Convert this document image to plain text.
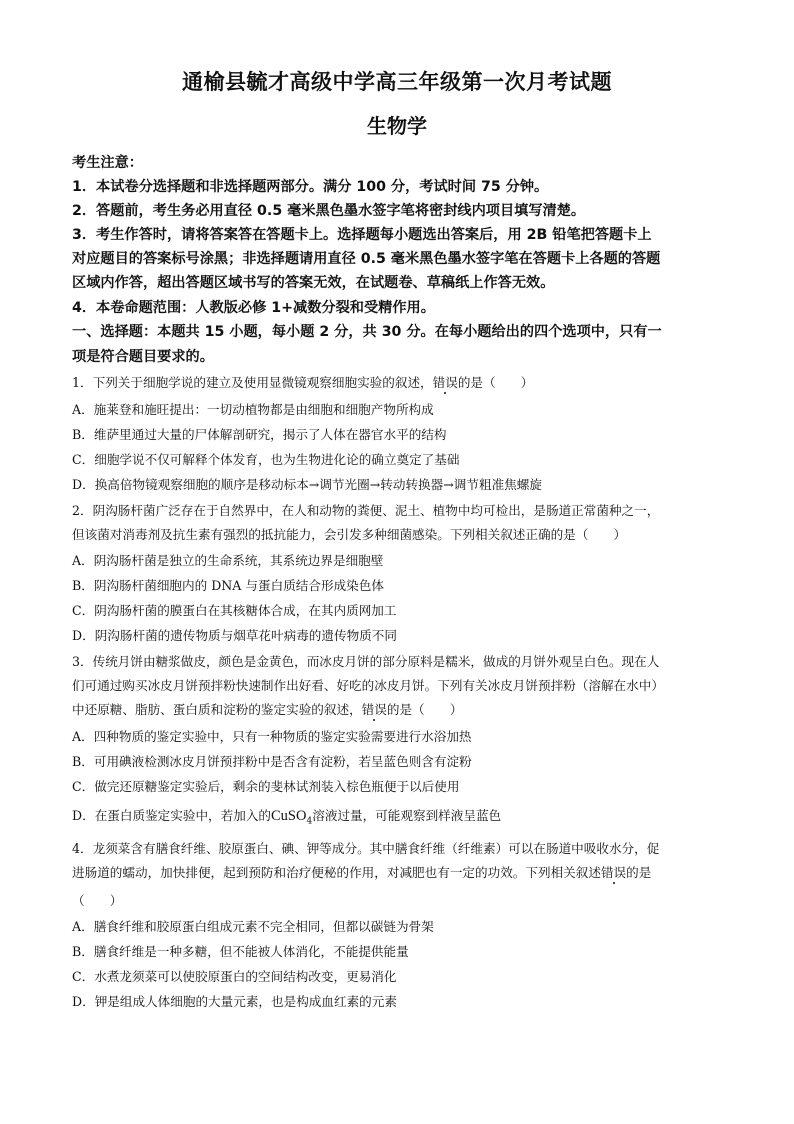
通榆县毓才高级中学高三年级第一次月考试题
生物学
考生注意：
1．本试卷分选择题和非选择题两部分。满分 100 分，考试时间 75 分钟。
2．答题前，考生务必用直径 0.5 毫米黑色墨水签字笔将密封线内项目填写清楚。
3．考生作答时，请将答案答在答题卡上。选择题每小题选出答案后，用 2B 铅笔把答题卡上
对应题目的答案标号涂黑；非选择题请用直径 0.5 毫米黑色墨水签字笔在答题卡上各题的答题
区域内作答，超出答题区域书写的答案无效，在试题卷、草稿纸上作答无效。
4．本卷命题范围：人教版必修 1+减数分裂和受精作用。
一、选择题：本题共 15 小题，每小题 2 分，共 30 分。在每小题给出的四个选项中，只有一
项是符合题目要求的。
1．下列关于细胞学说的建立及使用显微镜观察细胞实验的叙述，错误的是（　　）
A．施莱登和施旺提出：一切动植物都是由细胞和细胞产物所构成
B．维萨里通过大量的尸体解剖研究，揭示了人体在器官水平的结构
C．细胞学说不仅可解释个体发育，也为生物进化论的确立奠定了基础
D．换高倍物镜观察细胞的顺序是移动标本→调节光圈→转动转换器→调节粗准焦螺旋
2．阴沟肠杆菌广泛存在于自然界中，在人和动物的粪便、泥土、植物中均可检出，是肠道正常菌种之一，
但该菌对消毒剂及抗生素有强烈的抵抗能力，会引发多种细菌感染。下列相关叙述正确的是（　　）
A．阴沟肠杆菌是独立的生命系统，其系统边界是细胞壁
B．阴沟肠杆菌细胞内的 DNA 与蛋白质结合形成染色体
C．阴沟肠杆菌的膜蛋白在其核糖体合成，在其内质网加工
D．阴沟肠杆菌的遗传物质与烟草花叶病毒的遗传物质不同
3．传统月饼由糖浆做皮，颜色是金黄色，而冰皮月饼的部分原料是糯米，做成的月饼外观呈白色。现在人
们可通过购买冰皮月饼预拌粉快速制作出好看、好吃的冰皮月饼。下列有关冰皮月饼预拌粉（溶解在水中）
中还原糖、脂肪、蛋白质和淀粉的鉴定实验的叙述，错误的是（　　）
A．四种物质的鉴定实验中，只有一种物质的鉴定实验需要进行水浴加热
B．可用碘液检测冰皮月饼预拌粉中是否含有淀粉，若呈蓝色则含有淀粉
C．做完还原糖鉴定实验后，剩余的斐林试剂装入棕色瓶便于以后使用
D．在蛋白质鉴定实验中，若加入的CuSO$_4$溶液过量，可能观察到样液呈蓝色
4．龙须菜含有膳食纤维、胶原蛋白、碘、钾等成分。其中膳食纤维（纤维素）可以在肠道中吸收水分，促
进肠道的蠕动，加快排便，起到预防和治疗便秘的作用，对减肥也有一定的功效。下列相关叙述错误的是
（　　）
A．膳食纤维和胶原蛋白组成元素不完全相同，但都以碳链为骨架
B．膳食纤维是一种多糖，但不能被人体消化，不能提供能量
C．水煮龙须菜可以使胶原蛋白的空间结构改变，更易消化
D．钾是组成人体细胞的大量元素，也是构成血红素的元素
